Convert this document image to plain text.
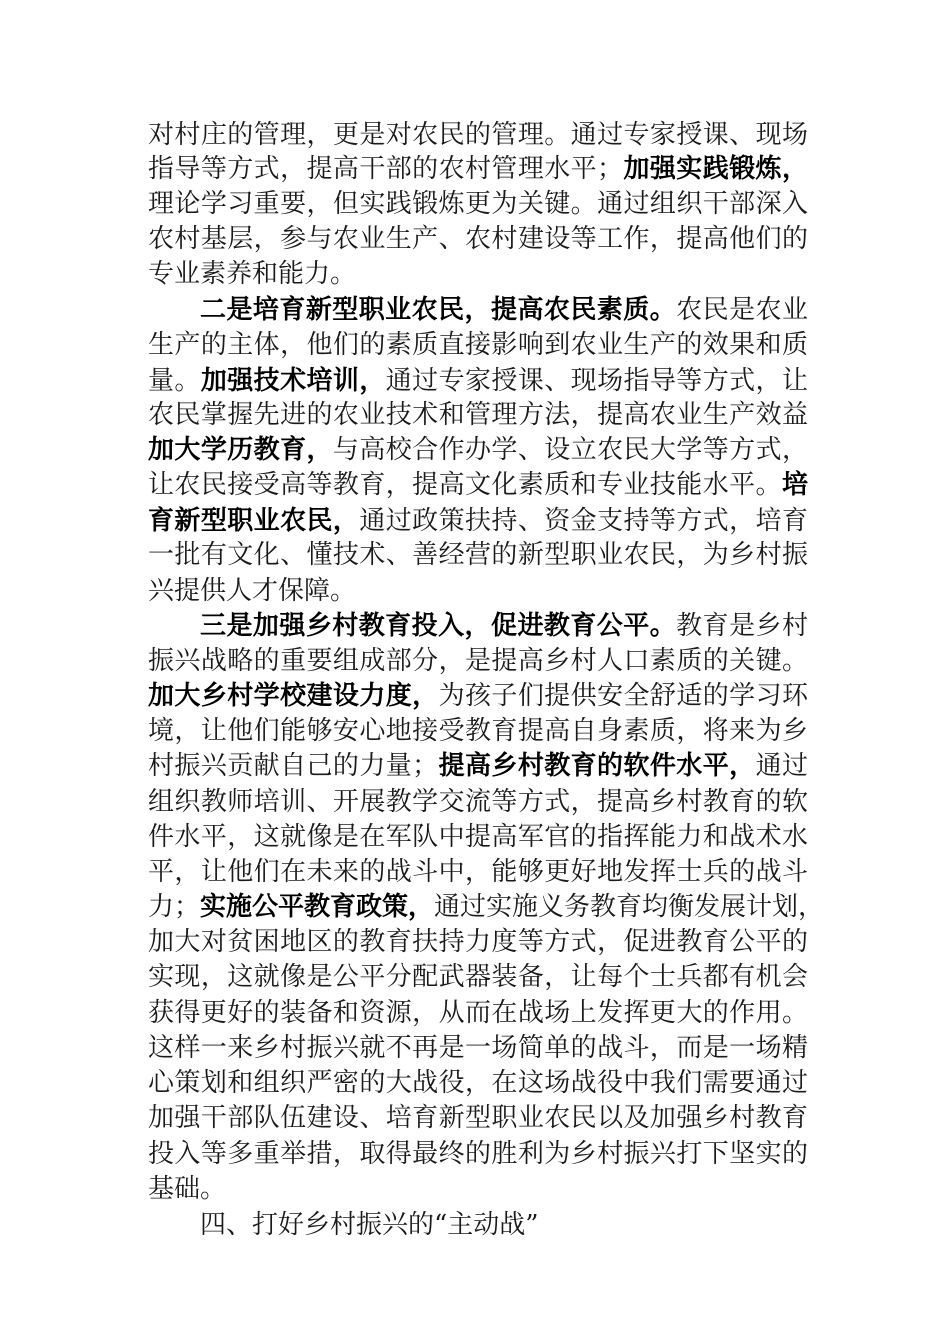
对村庄的管理，更是对农民的管理。通过专家授课、现场
指导等方式，提高干部的农村管理水平；加强实践锻炼，
理论学习重要，但实践锻炼更为关键。通过组织干部深入
农村基层，参与农业生产、农村建设等工作，提高他们的
专业素养和能力。
二是培育新型职业农民，提高农民素质。农民是农业
生产的主体，他们的素质直接影响到农业生产的效果和质
量。加强技术培训，通过专家授课、现场指导等方式，让
农民掌握先进的农业技术和管理方法，提高农业生产效益
加大学历教育，与高校合作办学、设立农民大学等方式，
让农民接受高等教育，提高文化素质和专业技能水平。培
育新型职业农民，通过政策扶持、资金支持等方式，培育
一批有文化、懂技术、善经营的新型职业农民，为乡村振
兴提供人才保障。
三是加强乡村教育投入，促进教育公平。教育是乡村
振兴战略的重要组成部分，是提高乡村人口素质的关键。
加大乡村学校建设力度，为孩子们提供安全舒适的学习环
境，让他们能够安心地接受教育提高自身素质，将来为乡
村振兴贡献自己的力量；提高乡村教育的软件水平，通过
组织教师培训、开展教学交流等方式，提高乡村教育的软
件水平，这就像是在军队中提高军官的指挥能力和战术水
平，让他们在未来的战斗中，能够更好地发挥士兵的战斗
力；实施公平教育政策，通过实施义务教育均衡发展计划，
加大对贫困地区的教育扶持力度等方式，促进教育公平的
实现，这就像是公平分配武器装备，让每个士兵都有机会
获得更好的装备和资源，从而在战场上发挥更大的作用。
这样一来乡村振兴就不再是一场简单的战斗，而是一场精
心策划和组织严密的大战役，在这场战役中我们需要通过
加强干部队伍建设、培育新型职业农民以及加强乡村教育
投入等多重举措，取得最终的胜利为乡村振兴打下坚实的
基础。
四、打好乡村振兴的“主动战”
